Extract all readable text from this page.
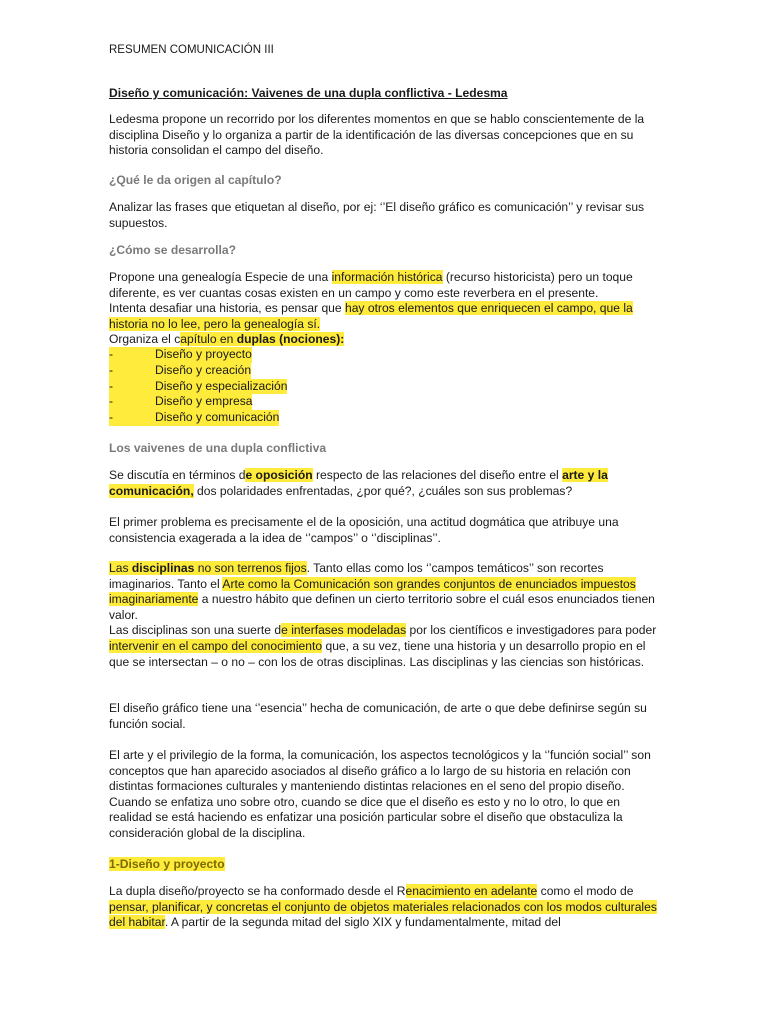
RESUMEN COMUNICACIÓN III
Diseño y comunicación: Vaivenes de una dupla conflictiva - Ledesma
Ledesma propone un recorrido por los diferentes momentos en que se hablo conscientemente de la disciplina Diseño y lo organiza a partir de la identificación de las diversas concepciones que en su historia consolidan el campo del diseño.
¿Qué le da origen al capítulo?
Analizar las frases que etiquetan al diseño, por ej: ‘’El diseño gráfico es comunicación’’ y revisar sus supuestos.
¿Cómo se desarrolla?
Propone una genealogía Especie de una información histórica (recurso historicista) pero un toque diferente, es ver cuantas cosas existen en un campo y como este reverbera en el presente.
Intenta desafiar una historia, es pensar que hay otros elementos que enriquecen el campo, que la historia no lo lee, pero la genealogía sí.
Organiza el capítulo en duplas (nociones):
-	Diseño y proyecto
-	Diseño y creación
-	Diseño y especialización
-	Diseño y empresa
-	Diseño y comunicación
Los vaivenes de una dupla conflictiva
Se discutía en términos de oposición respecto de las relaciones del diseño entre el arte y la comunicación, dos polaridades enfrentadas, ¿por qué?, ¿cuáles son sus problemas?
El primer problema es precisamente el de la oposición, una actitud dogmática que atribuye una consistencia exagerada a la idea de ‘’campos’’ o ‘’disciplinas’’.
Las disciplinas no son terrenos fijos. Tanto ellas como los ‘’campos temáticos’’ son recortes imaginarios. Tanto el Arte como la Comunicación son grandes conjuntos de enunciados impuestos imaginariamente a nuestro hábito que definen un cierto territorio sobre el cuál esos enunciados tienen valor.
Las disciplinas son una suerte de interfases modeladas por los científicos e investigadores para poder intervenir en el campo del conocimiento que, a su vez, tiene una historia y un desarrollo propio en el que se intersectan – o no – con los de otras disciplinas. Las disciplinas y las ciencias son históricas.
El diseño gráfico tiene una ‘’esencia’’ hecha de comunicación, de arte o que debe definirse según su función social.
El arte y el privilegio de la forma, la comunicación, los aspectos tecnológicos y la ‘’función social’’ son conceptos que han aparecido asociados al diseño gráfico a lo largo de su historia en relación con distintas formaciones culturales y manteniendo distintas relaciones en el seno del propio diseño. Cuando se enfatiza uno sobre otro, cuando se dice que el diseño es esto y no lo otro, lo que en realidad se está haciendo es enfatizar una posición particular sobre el diseño que obstaculiza la consideración global de la disciplina.
1-Diseño y proyecto
La dupla diseño/proyecto se ha conformado desde el Renacimiento en adelante como el modo de pensar, planificar, y concretas el conjunto de objetos materiales relacionados con los modos culturales del habitar. A partir de la segunda mitad del siglo XIX y fundamentalmente, mitad del
